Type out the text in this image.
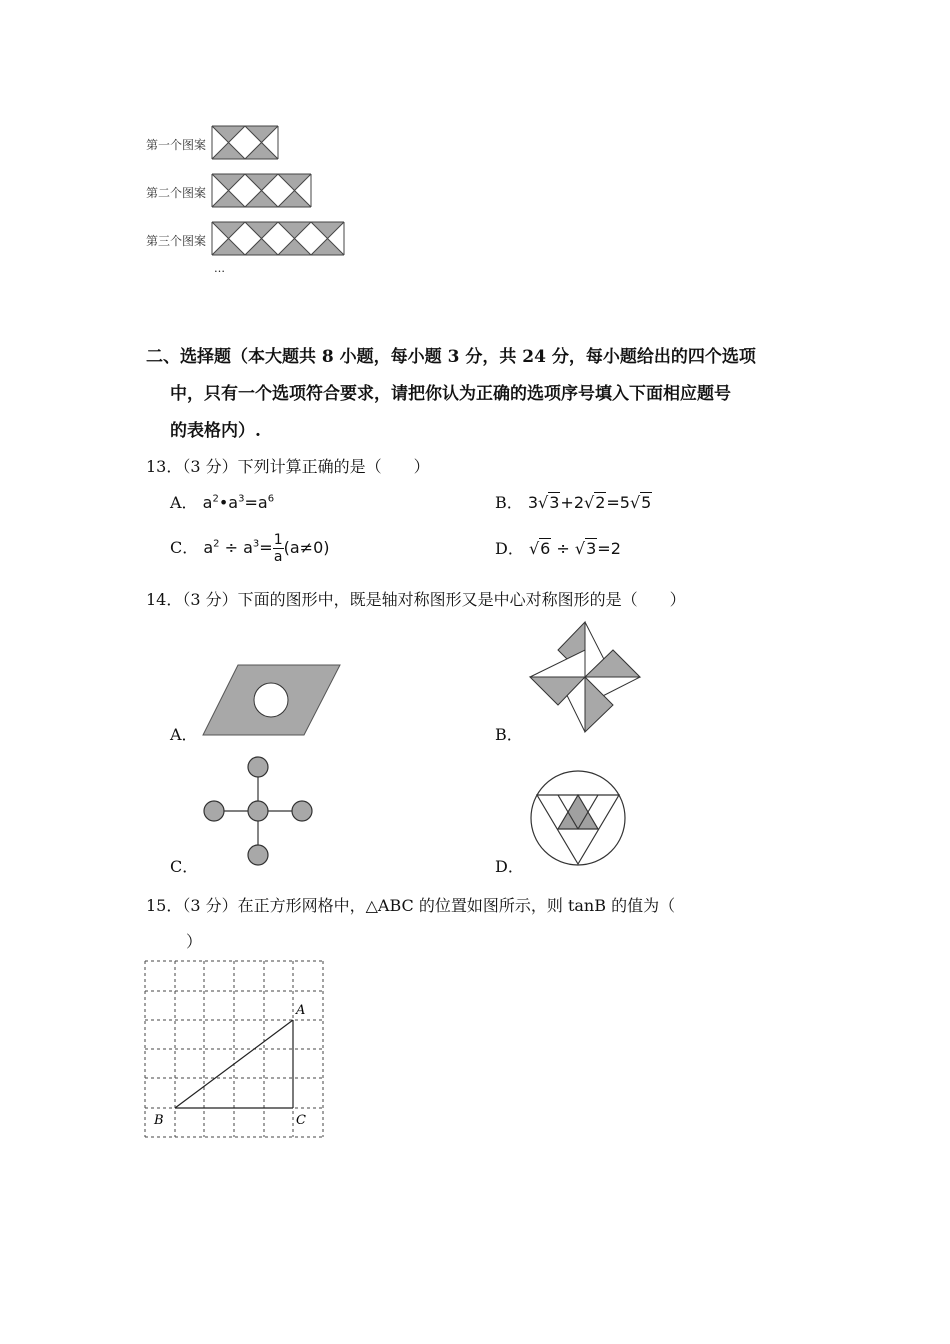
第一个图案
第二个图案
第三个图案
…
二、选择题（本大题共 8 小题，每小题 3 分，共 24 分，每小题给出的四个选项
中，只有一个选项符合要求，请把你认为正确的选项序号填入下面相应题号
的表格内）.
13．（3 分）下列计算正确的是（　　）
A． $a^2•a^3=a^6$	B． 3√3+2√2=5√5
C． $a^2 \div a^3= \frac{1}{a} (a\ne 0)$	D． √6 ÷ √3=2
14．（3 分）下面的图形中，既是轴对称图形又是中心对称图形的是（　　）
A．	B．
C．	D．
15．（3 分）在正方形网格中，△ABC 的位置如图所示，则 tanB 的值为（
）
A
B	C
